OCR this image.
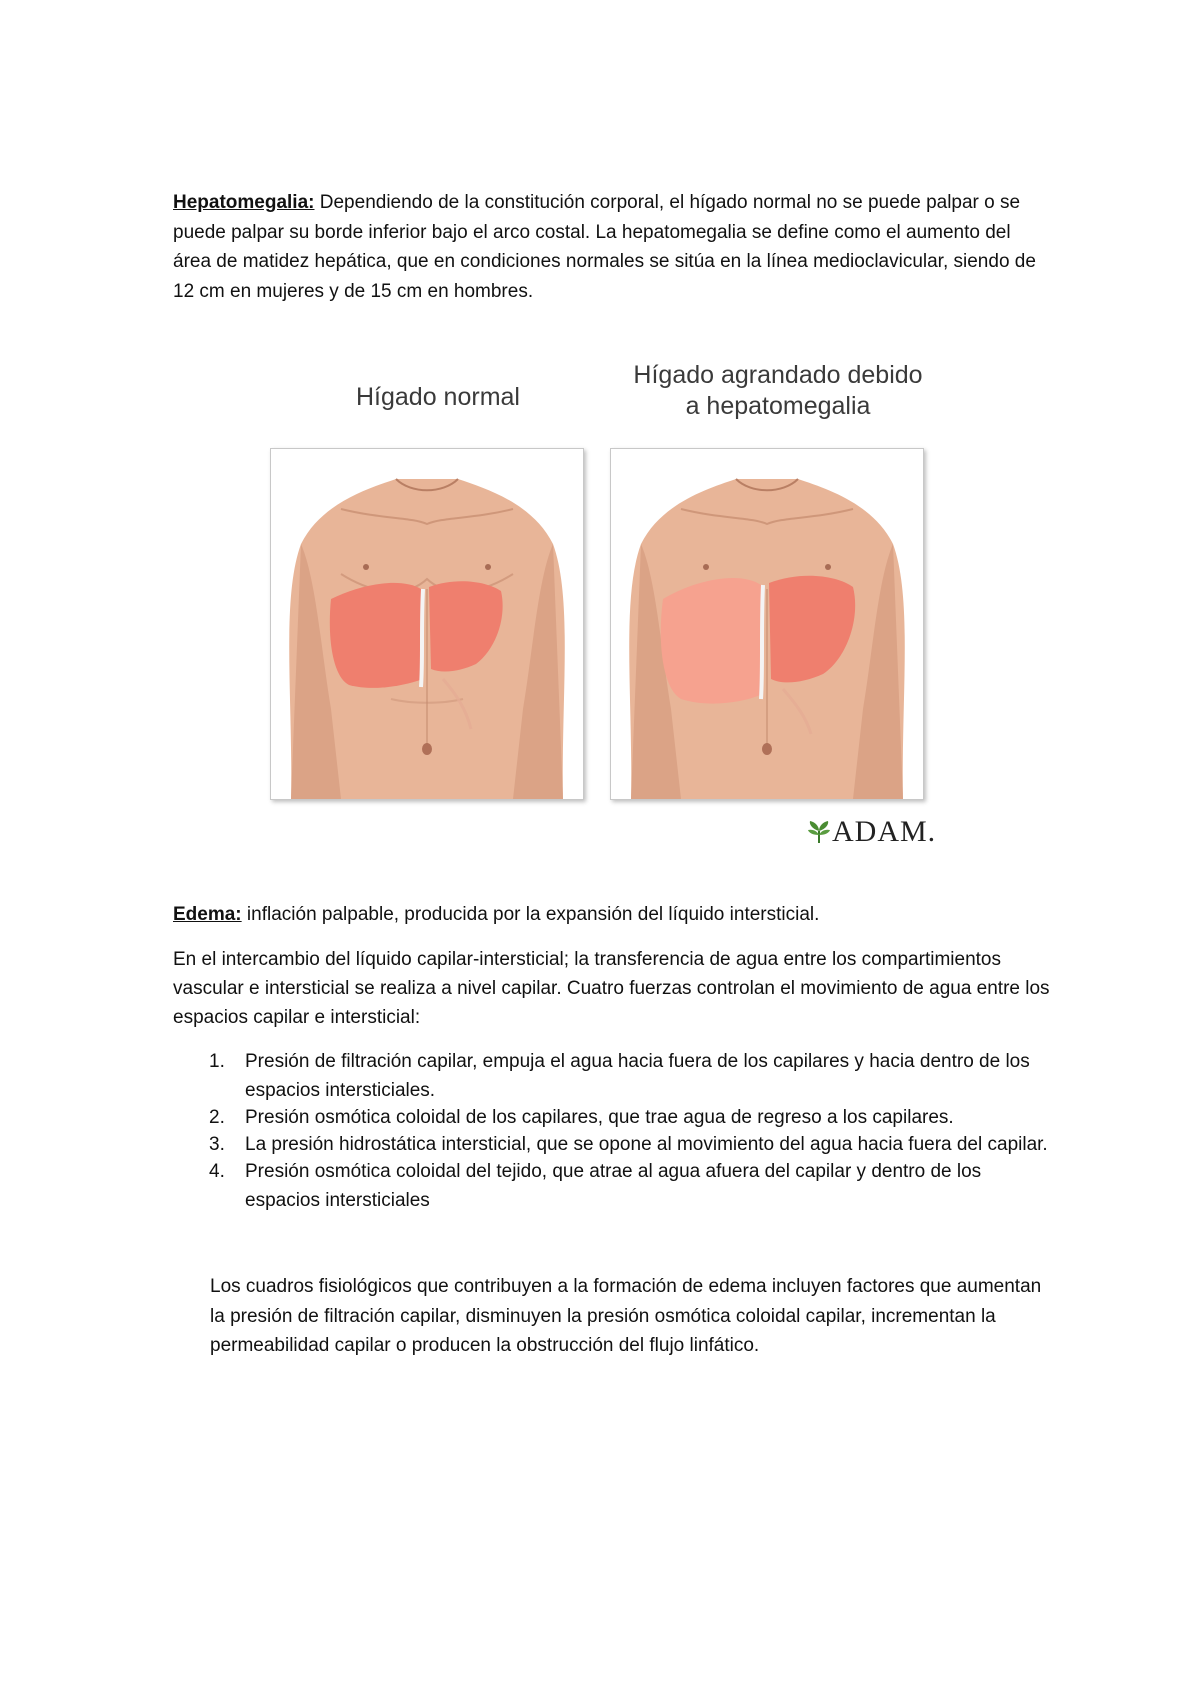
Hepatomegalia: Dependiendo de la constitución corporal, el hígado normal no se puede palpar o se puede palpar su borde inferior bajo el arco costal. La hepatomegalia se define como el aumento del área de matidez hepática, que en condiciones normales se sitúa en la línea medioclavicular, siendo de 12 cm en mujeres y de 15 cm en hombres.

Hígado normal
Hígado agrandado debido
a hepatomegalia
ADAM.

Edema: inflación palpable, producida por la expansión del líquido intersticial.

En el intercambio del líquido capilar-intersticial; la transferencia de agua entre los compartimientos vascular e intersticial se realiza a nivel capilar. Cuatro fuerzas controlan el movimiento de agua entre los espacios capilar e intersticial:

1. Presión de filtración capilar, empuja el agua hacia fuera de los capilares y hacia dentro de los espacios intersticiales.
2. Presión osmótica coloidal de los capilares, que trae agua de regreso a los capilares.
3. La presión hidrostática intersticial, que se opone al movimiento del agua hacia fuera del capilar.
4. Presión osmótica coloidal del tejido, que atrae al agua afuera del capilar y dentro de los espacios intersticiales

Los cuadros fisiológicos que contribuyen a la formación de edema incluyen factores que aumentan la presión de filtración capilar, disminuyen la presión osmótica coloidal capilar, incrementan la permeabilidad capilar o producen la obstrucción del flujo linfático.
